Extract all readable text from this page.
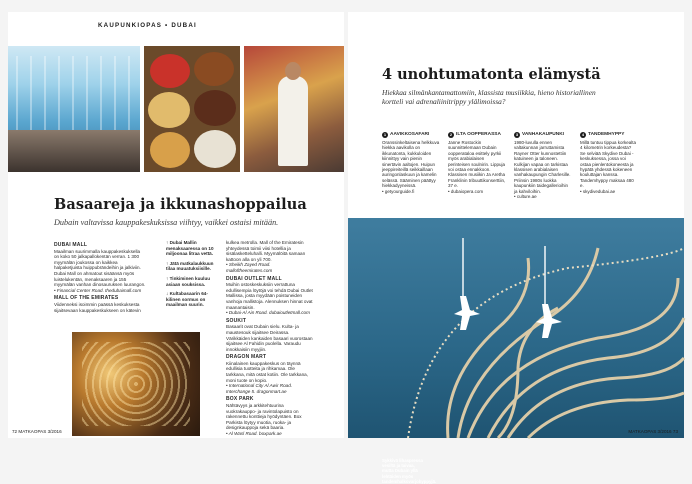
KAUPUNKIOPAS • DUBAI
Basaareja ja ikkunashoppailua
Dubain valtavissa kauppakeskuksissa viihtyy, vaikkei ostaisi mitään.
DUBAI MALL

Maailman suurimmalla kauppakeskuksella on koko 50 jalkapallokentän verran. 1 300 myymälän joukossa on kaikkea halpaketjuista huippubrändeihin ja jalkiviin. Dubai Mall on ahmatout sisäänsä myös luistelukentän, menaksaaren ja 155 myymälän vanhan dinosauruksen luurangon.

• Financial Center Road. thedubaimall.com

MALL OF THE EMIRATES

Viidenneksi isoimmin paässä keskuksesta sijaitsevaan kauppakeskukseen on kätevin

↑ Dubai Mallin menaksaaressa on 10 miljoonaa litraa vettä.

↑ Jätä matkalaukkuun tilaa muuatuksiisille.

↑ Tinkiminen kuuluu asiaan souksissa.

↓ Kultabasaarin 64-kilinen sormus on maailman suurin.

kulkea metrolla. Mall of the Emiratesin yhteydessä toimii viisi hotellia ja sisälasketteluhalli. Myymälöitä samaan kattoon alla on yli 700.

• Sheikh Zayed Road. malloftheemirates.com

DUBAI OUTLET MALL

Muihin ostoskeskuksiin verrattuna edullisempia löytöjä voi tehdä Dubai Outlet Mallissa, josta myydään poistuneiden vanhoja mallistoja. Alennuksen hinnat ovat maanantaisin.

• Dubai-Al Ain Road. dubaioutletmall.com

SOUKIT

Basaarit ovat Dubain sielu. Kulta- ja maustesouk sijaitsee Deirassa. Värikkäiden kankaiden basaari vuorostaan sijaitsee Al Fahidin puolella. Varaudu innokkaisiin myyjiin.

DRAGON MART

Kiinalainen kauppakeskus on täynnä edullisia tuotteita ja rihkamaa. Ole tarkkana, mitä ostat kotiin. Ole tarkkana, moni tuote on kopio.

• International City Al Awir Road. Interchange 5. dragonmart.ae

BOX PARK

Nähtävyys ja arkkitehtuurina vuokrakauppo- ja ravintolapuisto on rakennettu konttieja hyödyntäen. Box Parkista löytyy muotia, ruoka- ja designkauppoja sekä baaria.

• Al Wasl Road. boxpark.ae

72 MATKAOPAS 3/2016
4 unohtumatonta elämystä
Hiekkaa silmänkantamattomiin, klassista musiikkia, hieno historiallinen kortteli vai adrenaliinitrippy ylälimoissa?
1 AAVIKKOSAFARI

Oranssinkeltaisena helkkuva hiekka aavikolla on ikkunatonta, kukkuloiden kiinnittyy vain pienin sinertävin aaltojen. Huipun jeeppireiteillä seikkaillaan auringonlaskuun ja kamelin selässä. Sääminen päättyy hiekkadyyneissä.

• getyourguide.fi

2 ILTA OOPPERASSA

Janne Rostockin suunnittelemaan Dubain oopperataloa esittely pyrkii myös arabialaisen perinteisen soulnirin. Lippuja voi ostaa ennakkoon. Klassisen musiikin Ja Aretha Franklinin tribuuttikonserttiin, 37 e.

• dubaiopera.com

3 VANHAKAUPUNKI

1980-luvulla ennen valtakunnan jarruttamista Rayner Otter kunnostettiin katuineen ja taloneen. Kulkijan vapaa on tarkistaa klassisen arabialaisen vanhakaupungin Charlesille. Priinsin 1980s luokka kaupunkiin taidegallerioihin ja kahviloihin.

• culture.ae

4 TANDEMHYPPY

Millä tuntuu tippua korkealta 4 kilometrin korkeudesta? Se selviää Skydive Dubai -keskuksessa, jossa voi ostaa pienlentokoneesta ja hypätä yhdessä kokeneen kouluttajan kanssa. Tandemhyppy maksaa 480 e.

• skydivedubai.ae

Sykkivä lihaspressa vesiltä ja taivaa, mutta Dubain yllä lehtäiden myös tandemhalkovarjohyppyjä.
MATKAOPAS 3/2016 73
